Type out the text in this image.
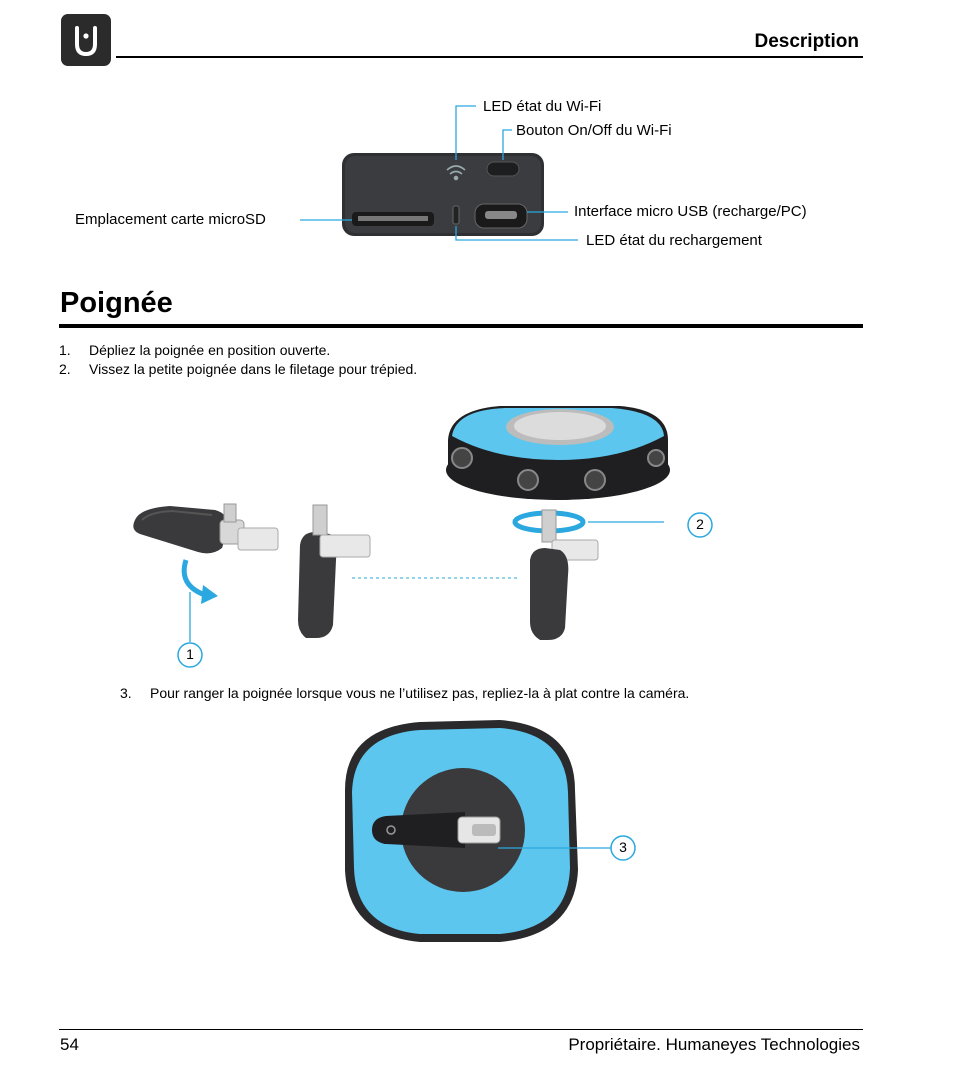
Description
LED état du Wi-Fi
Bouton On/Off du Wi-Fi
Emplacement carte microSD	Interface micro USB (recharge/PC)
LED état du rechargement
Poignée
1. Dépliez la poignée en position ouverte.
2. Vissez la petite poignée dans le filetage pour trépied.
3. Pour ranger la poignée lorsque vous ne l’utilisez pas, repliez-la à plat contre la caméra.
1
2
3
54	Propriétaire. Humaneyes Technologies
